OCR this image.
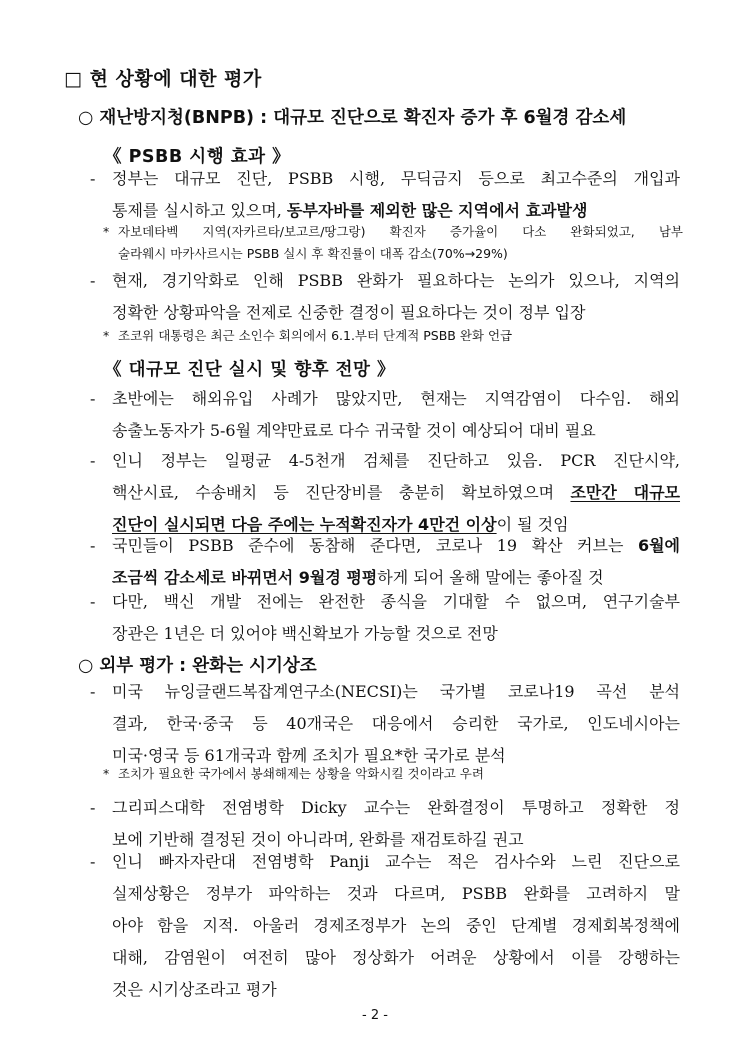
□ 현 상황에 대한 평가
○ 재난방지청(BNPB) : 대규모 진단으로 확진자 증가 후 6월경 감소세
《 PSBB 시행 효과 》
-	정부는 대규모 진단, PSBB 시행, 무딕금지 등으로 최고수준의 개입과
통제를 실시하고 있으며, 동부자바를 제외한 많은 지역에서 효과발생
* 자보데타벡 지역(자카르타/보고르/땅그랑) 확진자 증가율이 다소 완화되었고, 남부
술라웨시 마카사르시는 PSBB 실시 후 확진률이 대폭 감소(70%→29%)
-	현재, 경기악화로 인해 PSBB 완화가 필요하다는 논의가 있으나, 지역의
정확한 상황파악을 전제로 신중한 결정이 필요하다는 것이 정부 입장
* 조코위 대통령은 최근 소인수 회의에서 6.1.부터 단계적 PSBB 완화 언급
《 대규모 진단 실시 및 향후 전망 》
-	초반에는 해외유입 사례가 많았지만, 현재는 지역감염이 다수임. 해외
송출노동자가 5-6월 계약만료로 다수 귀국할 것이 예상되어 대비 필요
-	인니 정부는 일평균 4-5천개 검체를 진단하고 있음. PCR 진단시약,
핵산시료, 수송배치 등 진단장비를 충분히 확보하였으며 조만간 대규모
진단이 실시되면 다음 주에는 누적확진자가 4만건 이상이 될 것임
-	국민들이 PSBB 준수에 동참해 준다면, 코로나 19 확산 커브는 6월에
조금씩 감소세로 바뀌면서 9월경 평평하게 되어 올해 말에는 좋아질 것
-	다만, 백신 개발 전에는 완전한 종식을 기대할 수 없으며, 연구기술부
장관은 1년은 더 있어야 백신확보가 가능할 것으로 전망
○ 외부 평가 : 완화는 시기상조
-	미국 뉴잉글랜드복잡계연구소(NECSI)는 국가별 코로나19 곡선 분석
결과, 한국·중국 등 40개국은 대응에서 승리한 국가로, 인도네시아는
미국·영국 등 61개국과 함께 조치가 필요*한 국가로 분석
* 조치가 필요한 국가에서 봉쇄해제는 상황을 악화시킬 것이라고 우려
-	그리피스대학 전염병학 Dicky 교수는 완화결정이 투명하고 정확한 정
보에 기반해 결정된 것이 아니라며, 완화를 재검토하길 권고
-	인니 빠자자란대 전염병학 Panji 교수는 적은 검사수와 느린 진단으로
실제상황은 정부가 파악하는 것과 다르며, PSBB 완화를 고려하지 말
아야 함을 지적. 아울러 경제조정부가 논의 중인 단계별 경제회복정책에
대해, 감염원이 여전히 많아 정상화가 어려운 상황에서 이를 강행하는
것은 시기상조라고 평가
- 2 -
